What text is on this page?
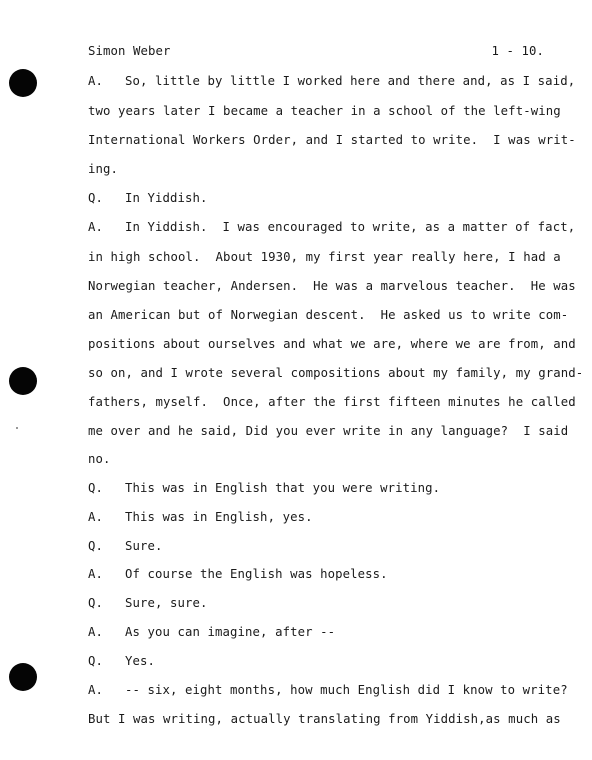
Simon Weber	1 - 10.
A. So, little by little I worked here and there and, as I said,
two years later I became a teacher in a school of the left-wing
International Workers Order, and I started to write.  I was writ-
ing.
Q. In Yiddish.
A. In Yiddish.  I was encouraged to write, as a matter of fact,
in high school.  About 1930, my first year really here, I had a
Norwegian teacher, Andersen.  He was a marvelous teacher.  He was
an American but of Norwegian descent.  He asked us to write com-
positions about ourselves and what we are, where we are from, and
so on, and I wrote several compositions about my family, my grand-
fathers, myself.  Once, after the first fifteen minutes he called
me over and he said, Did you ever write in any language?  I said
no.
Q. This was in English that you were writing.
A. This was in English, yes.
Q. Sure.
A. Of course the English was hopeless.
Q. Sure, sure.
A. As you can imagine, after --
Q. Yes.
A. -- six, eight months, how much English did I know to write?
But I was writing, actually translating from Yiddish,as much as
